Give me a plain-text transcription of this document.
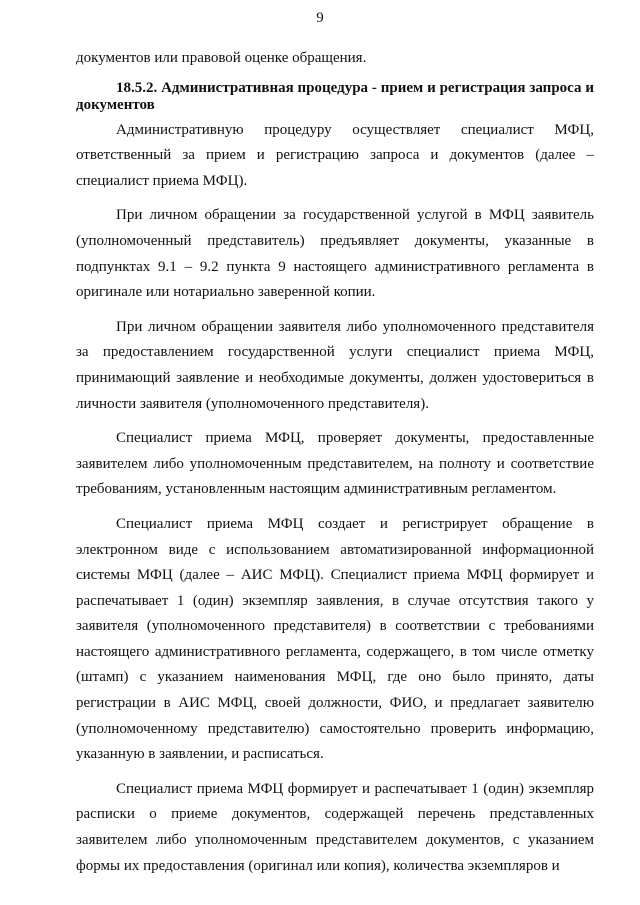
9

документов или правовой оценке обращения.

18.5.2. Административная процедура - прием и регистрация запроса и документов

Административную процедуру осуществляет специалист МФЦ, ответственный за прием и регистрацию запроса и документов (далее – специалист приема МФЦ).

При личном обращении за государственной услугой в МФЦ заявитель (уполномоченный представитель) предъявляет документы, указанные в подпунктах 9.1 – 9.2 пункта 9 настоящего административного регламента в оригинале или нотариально заверенной копии.

При личном обращении заявителя либо уполномоченного представителя за предоставлением государственной услуги специалист приема МФЦ, принимающий заявление и необходимые документы, должен удостовериться в личности заявителя (уполномоченного представителя).

Специалист приема МФЦ, проверяет документы, предоставленные заявителем либо уполномоченным представителем, на полноту и соответствие требованиям, установленным настоящим административным регламентом.

Специалист приема МФЦ создает и регистрирует обращение в электронном виде с использованием автоматизированной информационной системы МФЦ (далее – АИС МФЦ). Специалист приема МФЦ формирует и распечатывает 1 (один) экземпляр заявления, в случае отсутствия такого у заявителя (уполномоченного представителя) в соответствии с требованиями настоящего административного регламента, содержащего, в том числе отметку (штамп) с указанием наименования МФЦ, где оно было принято, даты регистрации в АИС МФЦ, своей должности, ФИО, и предлагает заявителю (уполномоченному представителю) самостоятельно проверить информацию, указанную в заявлении, и расписаться.

Специалист приема МФЦ формирует и распечатывает 1 (один) экземпляр расписки о приеме документов, содержащей перечень представленных заявителем либо уполномоченным представителем документов, с указанием формы их предоставления (оригинал или копия), количества экземпляров и
